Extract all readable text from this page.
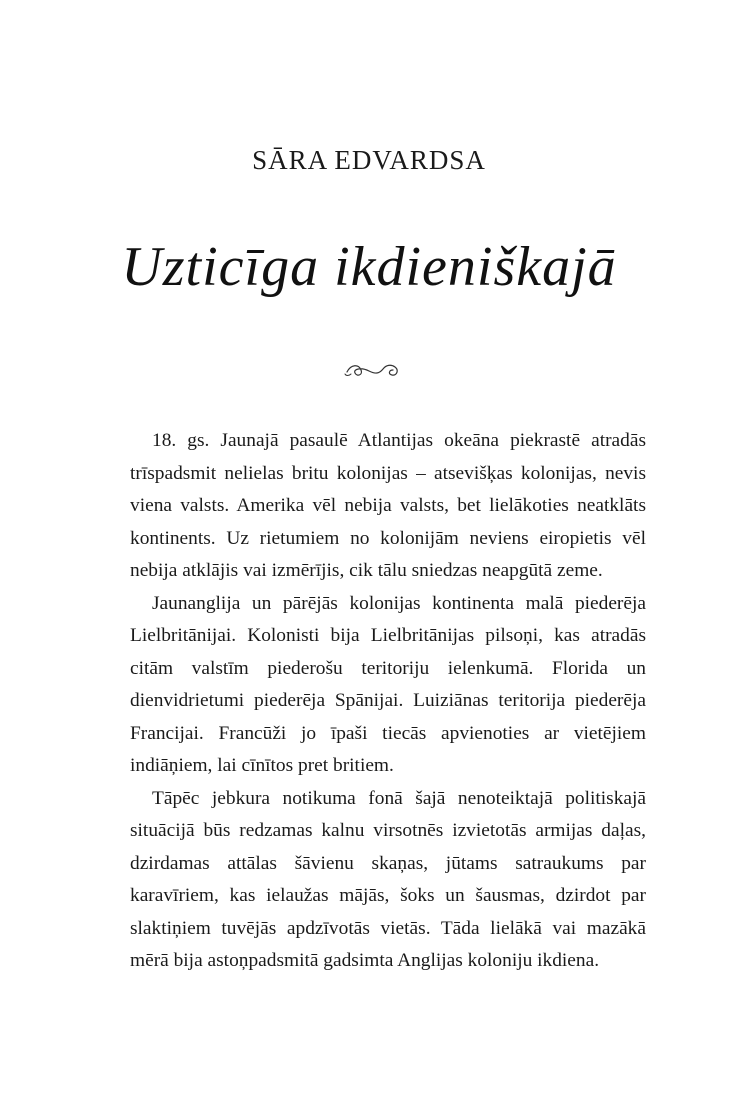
SĀRA EDVARDSA
Uzticīga ikdieniškajā

18. gs. Jaunajā pasaulē Atlantijas okeāna piekrastē atradās trīspadsmit nelielas britu kolonijas – atsevišķas kolonijas, nevis viena valsts. Amerika vēl nebija valsts, bet lielākoties neatklāts kontinents. Uz rietumiem no kolonijām neviens eiropietis vēl nebija atklājis vai izmērījis, cik tālu sniedzas neapgūtā zeme.

Jaunanglija un pārējās kolonijas kontinenta malā piederēja Lielbritānijai. Kolonisti bija Lielbritānijas pilsoņi, kas atradās citām valstīm piederošu teritoriju ielenkumā. Florida un dienvidrietumi piederēja Spānijai. Luiziānas teritorija piederēja Francijai. Francūži jo īpaši tiecās apvienoties ar vietējiem indiāņiem, lai cīnītos pret britiem.

Tāpēc jebkura notikuma fonā šajā nenoteiktajā politiskajā situācijā būs redzamas kalnu virsotnēs izvietotās armijas daļas, dzirdamas attālas šāvienu skaņas, jūtams satraukums par karavīriem, kas ielaužas mājās, šoks un šausmas, dzirdot par slaktiņiem tuvējās apdzīvotās vietās. Tāda lielākā vai mazākā mērā bija astoņpadsmitā gadsimta Anglijas koloniju ikdiena.
